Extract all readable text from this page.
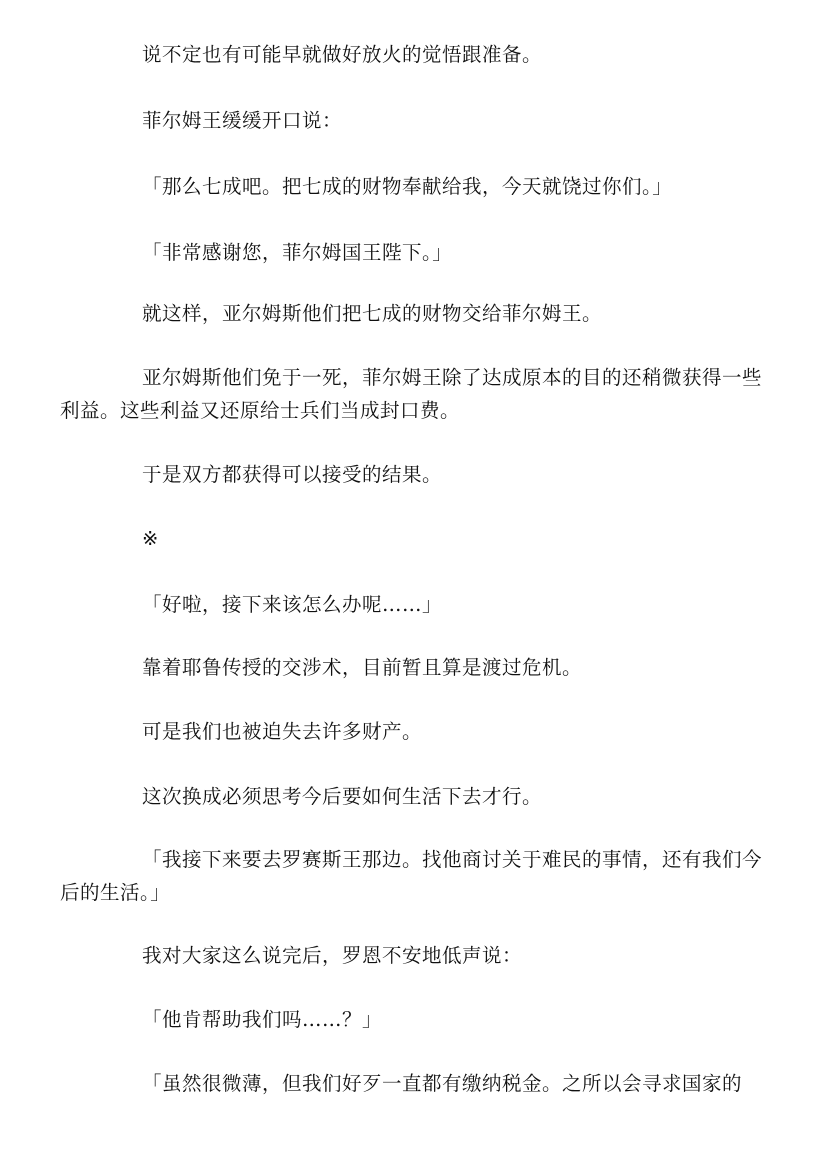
说不定也有可能早就做好放火的觉悟跟准备。

菲尔姆王缓缓开口说：

「那么七成吧。把七成的财物奉献给我，今天就饶过你们。」

「非常感谢您，菲尔姆国王陛下。」

就这样，亚尔姆斯他们把七成的财物交给菲尔姆王。

亚尔姆斯他们免于一死，菲尔姆王除了达成原本的目的还稍微获得一些利益。这些利益又还原给士兵们当成封口费。

于是双方都获得可以接受的结果。

※

「好啦，接下来该怎么办呢……」

靠着耶鲁传授的交涉术，目前暂且算是渡过危机。

可是我们也被迫失去许多财产。

这次换成必须思考今后要如何生活下去才行。

「我接下来要去罗赛斯王那边。找他商讨关于难民的事情，还有我们今后的生活。」

我对大家这么说完后，罗恩不安地低声说：

「他肯帮助我们吗……？」

「虽然很微薄，但我们好歹一直都有缴纳税金。之所以会寻求国家的
